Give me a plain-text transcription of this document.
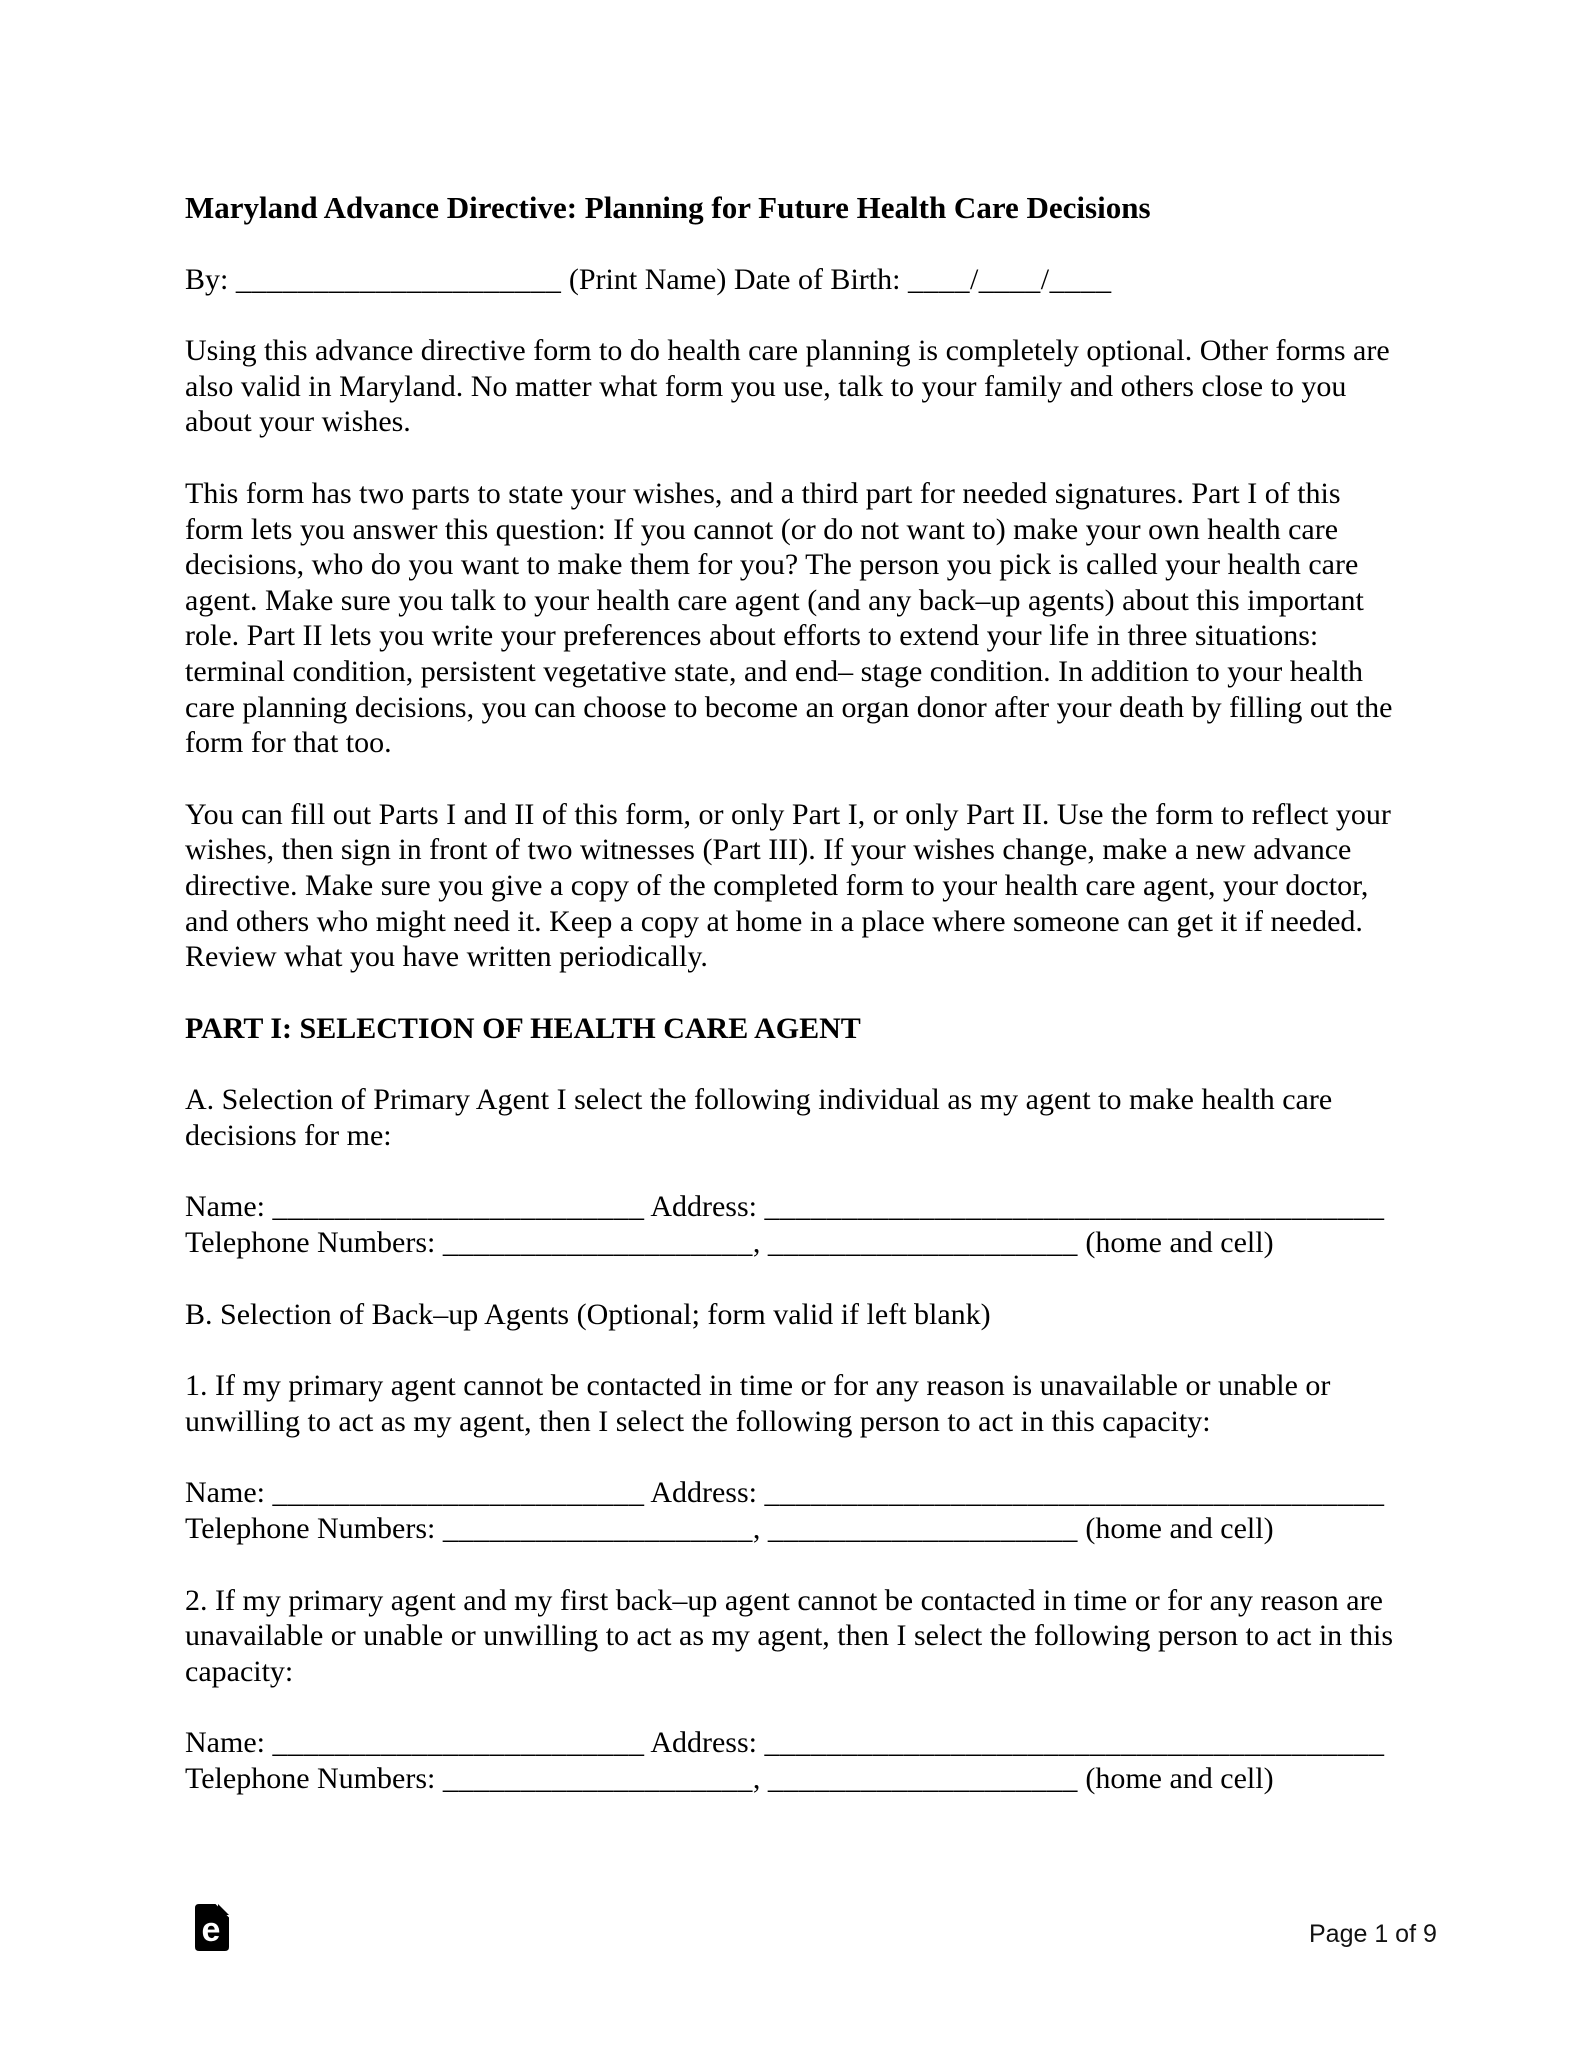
Maryland Advance Directive: Planning for Future Health Care Decisions

By: _____________________ (Print Name) Date of Birth: ____/____/____

Using this advance directive form to do health care planning is completely optional. Other forms are also valid in Maryland. No matter what form you use, talk to your family and others close to you about your wishes.

This form has two parts to state your wishes, and a third part for needed signatures. Part I of this form lets you answer this question: If you cannot (or do not want to) make your own health care decisions, who do you want to make them for you? The person you pick is called your health care agent. Make sure you talk to your health care agent (and any back–up agents) about this important role. Part II lets you write your preferences about efforts to extend your life in three situations: terminal condition, persistent vegetative state, and end– stage condition. In addition to your health care planning decisions, you can choose to become an organ donor after your death by filling out the form for that too.

You can fill out Parts I and II of this form, or only Part I, or only Part II. Use the form to reflect your wishes, then sign in front of two witnesses (Part III). If your wishes change, make a new advance directive. Make sure you give a copy of the completed form to your health care agent, your doctor, and others who might need it. Keep a copy at home in a place where someone can get it if needed. Review what you have written periodically.

PART I: SELECTION OF HEALTH CARE AGENT

A. Selection of Primary Agent I select the following individual as my agent to make health care decisions for me:

Name: ________________________ Address: ________________________________________
Telephone Numbers: ____________________, ____________________ (home and cell)

B. Selection of Back–up Agents (Optional; form valid if left blank)

1. If my primary agent cannot be contacted in time or for any reason is unavailable or unable or unwilling to act as my agent, then I select the following person to act in this capacity:

Name: ________________________ Address: ________________________________________
Telephone Numbers: ____________________, ____________________ (home and cell)

2. If my primary agent and my first back–up agent cannot be contacted in time or for any reason are unavailable or unable or unwilling to act as my agent, then I select the following person to act in this capacity:

Name: ________________________ Address: ________________________________________
Telephone Numbers: ____________________, ____________________ (home and cell)

e	Page 1 of 9
